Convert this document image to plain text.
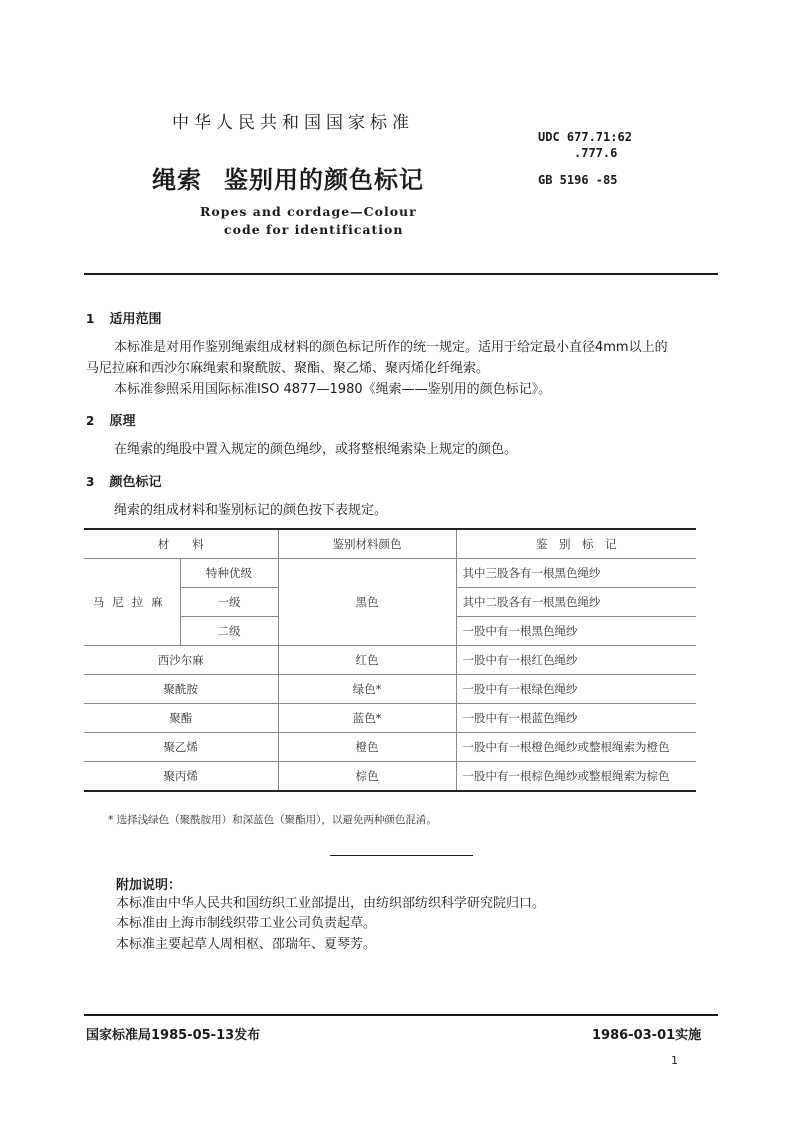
中华人民共和国国家标准
UDC 677.71:62
.777.6
GB 5196 -85
绳索 鉴别用的颜色标记
Ropes and cordage—Colour
code for identification
1 适用范围
本标准是对用作鉴别绳索组成材料的颜色标记所作的统一规定。适用于给定最小直径4mm以上的
马尼拉麻和西沙尔麻绳索和聚酰胺、聚酯、聚乙烯、聚丙烯化纤绳索。
本标准参照采用国际标准ISO 4877—1980《绳索——鉴别用的颜色标记》。
2 原理
在绳索的绳股中置入规定的颜色绳纱，或将整根绳索染上规定的颜色。
3 颜色标记
绳索的组成材料和鉴别标记的颜色按下表规定。
材　　料		鉴别材料颜色	鉴　别　标　记
马尼拉麻	特种优级	黑色	其中三股各有一根黑色绳纱
	一级		其中二股各有一根黑色绳纱
	二级		一股中有一根黑色绳纱
西沙尔麻		红色	一股中有一根红色绳纱
聚酰胺		绿色*	一股中有一根绿色绳纱
聚酯		蓝色*	一股中有一根蓝色绳纱
聚乙烯		橙色	一股中有一根橙色绳纱或整根绳索为橙色
聚丙烯		棕色	一股中有一根棕色绳纱或整根绳索为棕色
* 选择浅绿色（聚酰胺用）和深蓝色（聚酯用），以避免两种颜色混淆。
附加说明：
本标准由中华人民共和国纺织工业部提出，由纺织部纺织科学研究院归口。
本标准由上海市制线织带工业公司负责起草。
本标准主要起草人周相枢、邵瑞年、夏琴芳。
国家标准局1985-05-13发布	1986-03-01实施
1
